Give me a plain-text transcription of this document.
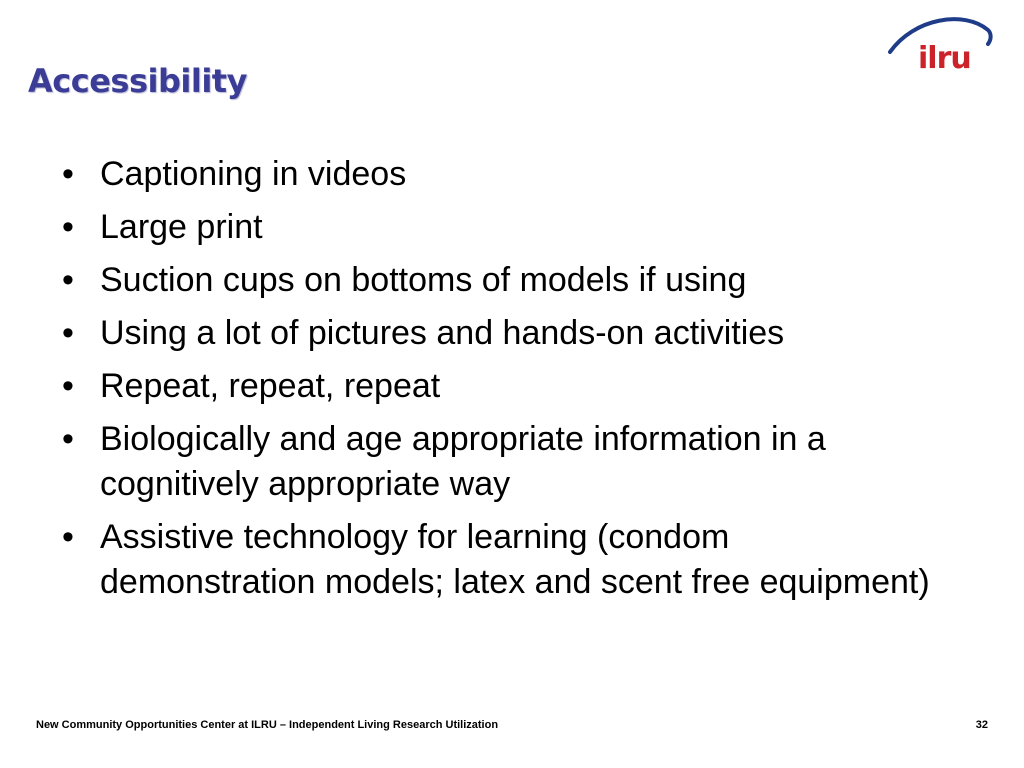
Accessibility
ilru
• Captioning in videos
• Large print
• Suction cups on bottoms of models if using
• Using a lot of pictures and hands-on activities
• Repeat, repeat, repeat
• Biologically and age appropriate information in a cognitively appropriate way
• Assistive technology for learning (condom demonstration models; latex and scent free equipment)
New Community Opportunities Center at ILRU – Independent Living Research Utilization	32
